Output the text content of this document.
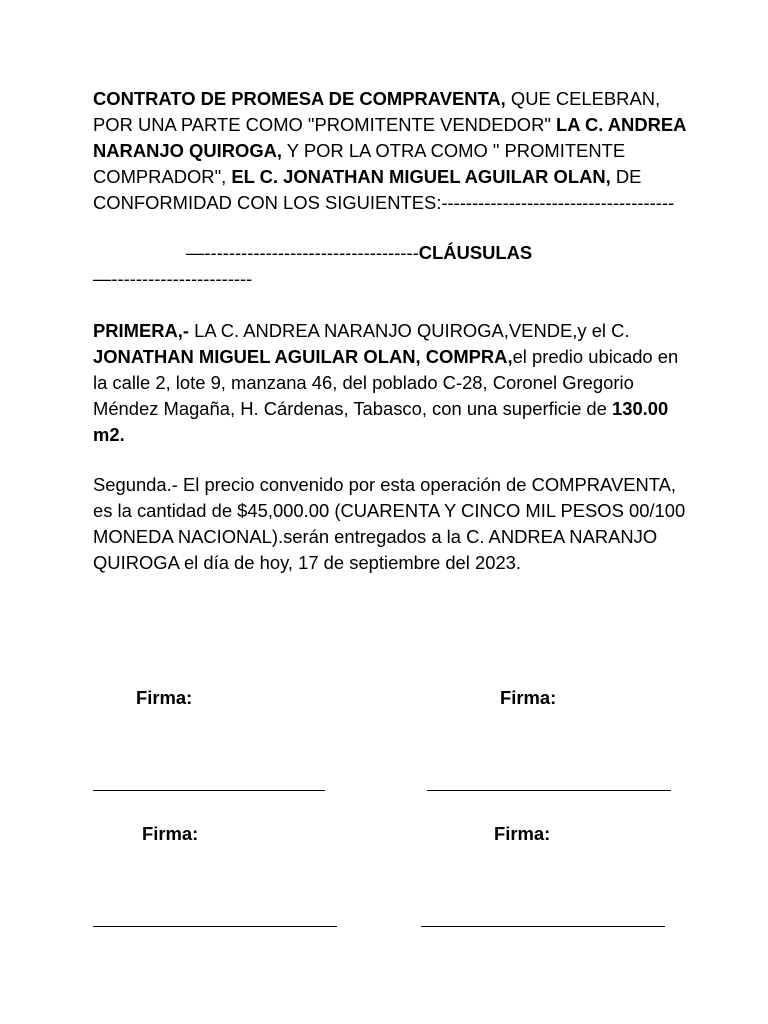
CONTRATO DE PROMESA DE COMPRAVENTA, QUE CELEBRAN, POR UNA PARTE COMO "PROMITENTE VENDEDOR" LA C. ANDREA NARANJO QUIROGA, Y POR LA OTRA COMO " PROMITENTE COMPRADOR", EL C. JONATHAN MIGUEL AGUILAR OLAN, DE CONFORMIDAD CON LOS SIGUIENTES:--------------------------------------

—-----------------------------------CLÁUSULAS
—-----------------------

PRIMERA,- LA C. ANDREA NARANJO QUIROGA,VENDE,y el C. JONATHAN MIGUEL AGUILAR OLAN, COMPRA,el predio ubicado en la calle 2, lote 9, manzana 46, del poblado C-28, Coronel Gregorio Méndez Magaña, H. Cárdenas, Tabasco, con una superficie de 130.00 m2.

Segunda.- El precio convenido por esta operación de COMPRAVENTA, es la cantidad de $45,000.00 (CUARENTA Y CINCO MIL PESOS 00/100 MONEDA NACIONAL).serán entregados a la C. ANDREA NARANJO QUIROGA el día de hoy, 17 de septiembre del 2023.

Firma:	Firma:
Firma:	Firma:
